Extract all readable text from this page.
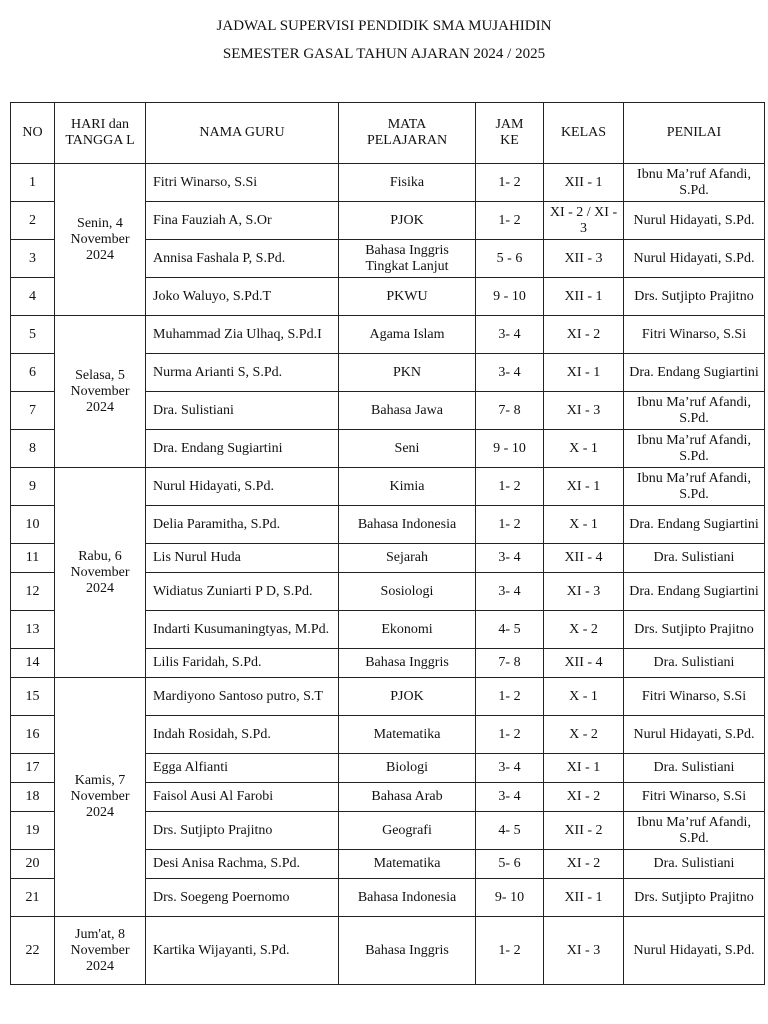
JADWAL SUPERVISI PENDIDIK SMA MUJAHIDIN
SEMESTER GASAL TAHUN AJARAN 2024 / 2025
NO	HARI dan TANGGA L	NAMA GURU	MATA PELAJARAN	JAM KE	KELAS	PENILAI
1	Senin, 4 November 2024	Fitri Winarso, S.Si	Fisika	1- 2	XII - 1	Ibnu Ma’ruf Afandi, S.Pd.
2		Fina Fauziah A, S.Or	PJOK	1- 2	XI - 2 / XI - 3	Nurul Hidayati, S.Pd.
3		Annisa Fashala P, S.Pd.	Bahasa Inggris Tingkat Lanjut	5 - 6	XII - 3	Nurul Hidayati, S.Pd.
4		Joko Waluyo, S.Pd.T	PKWU	9 - 10	XII - 1	Drs. Sutjipto Prajitno
5	Selasa, 5 November 2024	Muhammad Zia Ulhaq, S.Pd.I	Agama Islam	3- 4	XI - 2	Fitri Winarso, S.Si
6		Nurma Arianti S, S.Pd.	PKN	3- 4	XI - 1	Dra. Endang Sugiartini
7		Dra. Sulistiani	Bahasa Jawa	7- 8	XI - 3	Ibnu Ma’ruf Afandi, S.Pd.
8		Dra. Endang Sugiartini	Seni	9 - 10	X - 1	Ibnu Ma’ruf Afandi, S.Pd.
9	Rabu, 6 November 2024	Nurul Hidayati, S.Pd.	Kimia	1- 2	XI - 1	Ibnu Ma’ruf Afandi, S.Pd.
10		Delia Paramitha, S.Pd.	Bahasa Indonesia	1- 2	X - 1	Dra. Endang Sugiartini
11		Lis Nurul Huda	Sejarah	3- 4	XII - 4	Dra. Sulistiani
12		Widiatus Zuniarti P D, S.Pd.	Sosiologi	3- 4	XI - 3	Dra. Endang Sugiartini
13		Indarti Kusumaningtyas, M.Pd.	Ekonomi	4- 5	X - 2	Drs. Sutjipto Prajitno
14		Lilis Faridah, S.Pd.	Bahasa Inggris	7- 8	XII - 4	Dra. Sulistiani
15	Kamis, 7 November 2024	Mardiyono Santoso putro, S.T	PJOK	1- 2	X - 1	Fitri Winarso, S.Si
16		Indah Rosidah, S.Pd.	Matematika	1- 2	X - 2	Nurul Hidayati, S.Pd.
17		Egga Alfianti	Biologi	3- 4	XI - 1	Dra. Sulistiani
18		Faisol Ausi Al Farobi	Bahasa Arab	3- 4	XI - 2	Fitri Winarso, S.Si
19		Drs. Sutjipto Prajitno	Geografi	4- 5	XII - 2	Ibnu Ma’ruf Afandi, S.Pd.
20		Desi Anisa Rachma, S.Pd.	Matematika	5- 6	XI - 2	Dra. Sulistiani
21		Drs. Soegeng Poernomo	Bahasa Indonesia	9- 10	XII - 1	Drs. Sutjipto Prajitno
22	Jum'at, 8 November 2024	Kartika Wijayanti, S.Pd.	Bahasa Inggris	1- 2	XI - 3	Nurul Hidayati, S.Pd.
